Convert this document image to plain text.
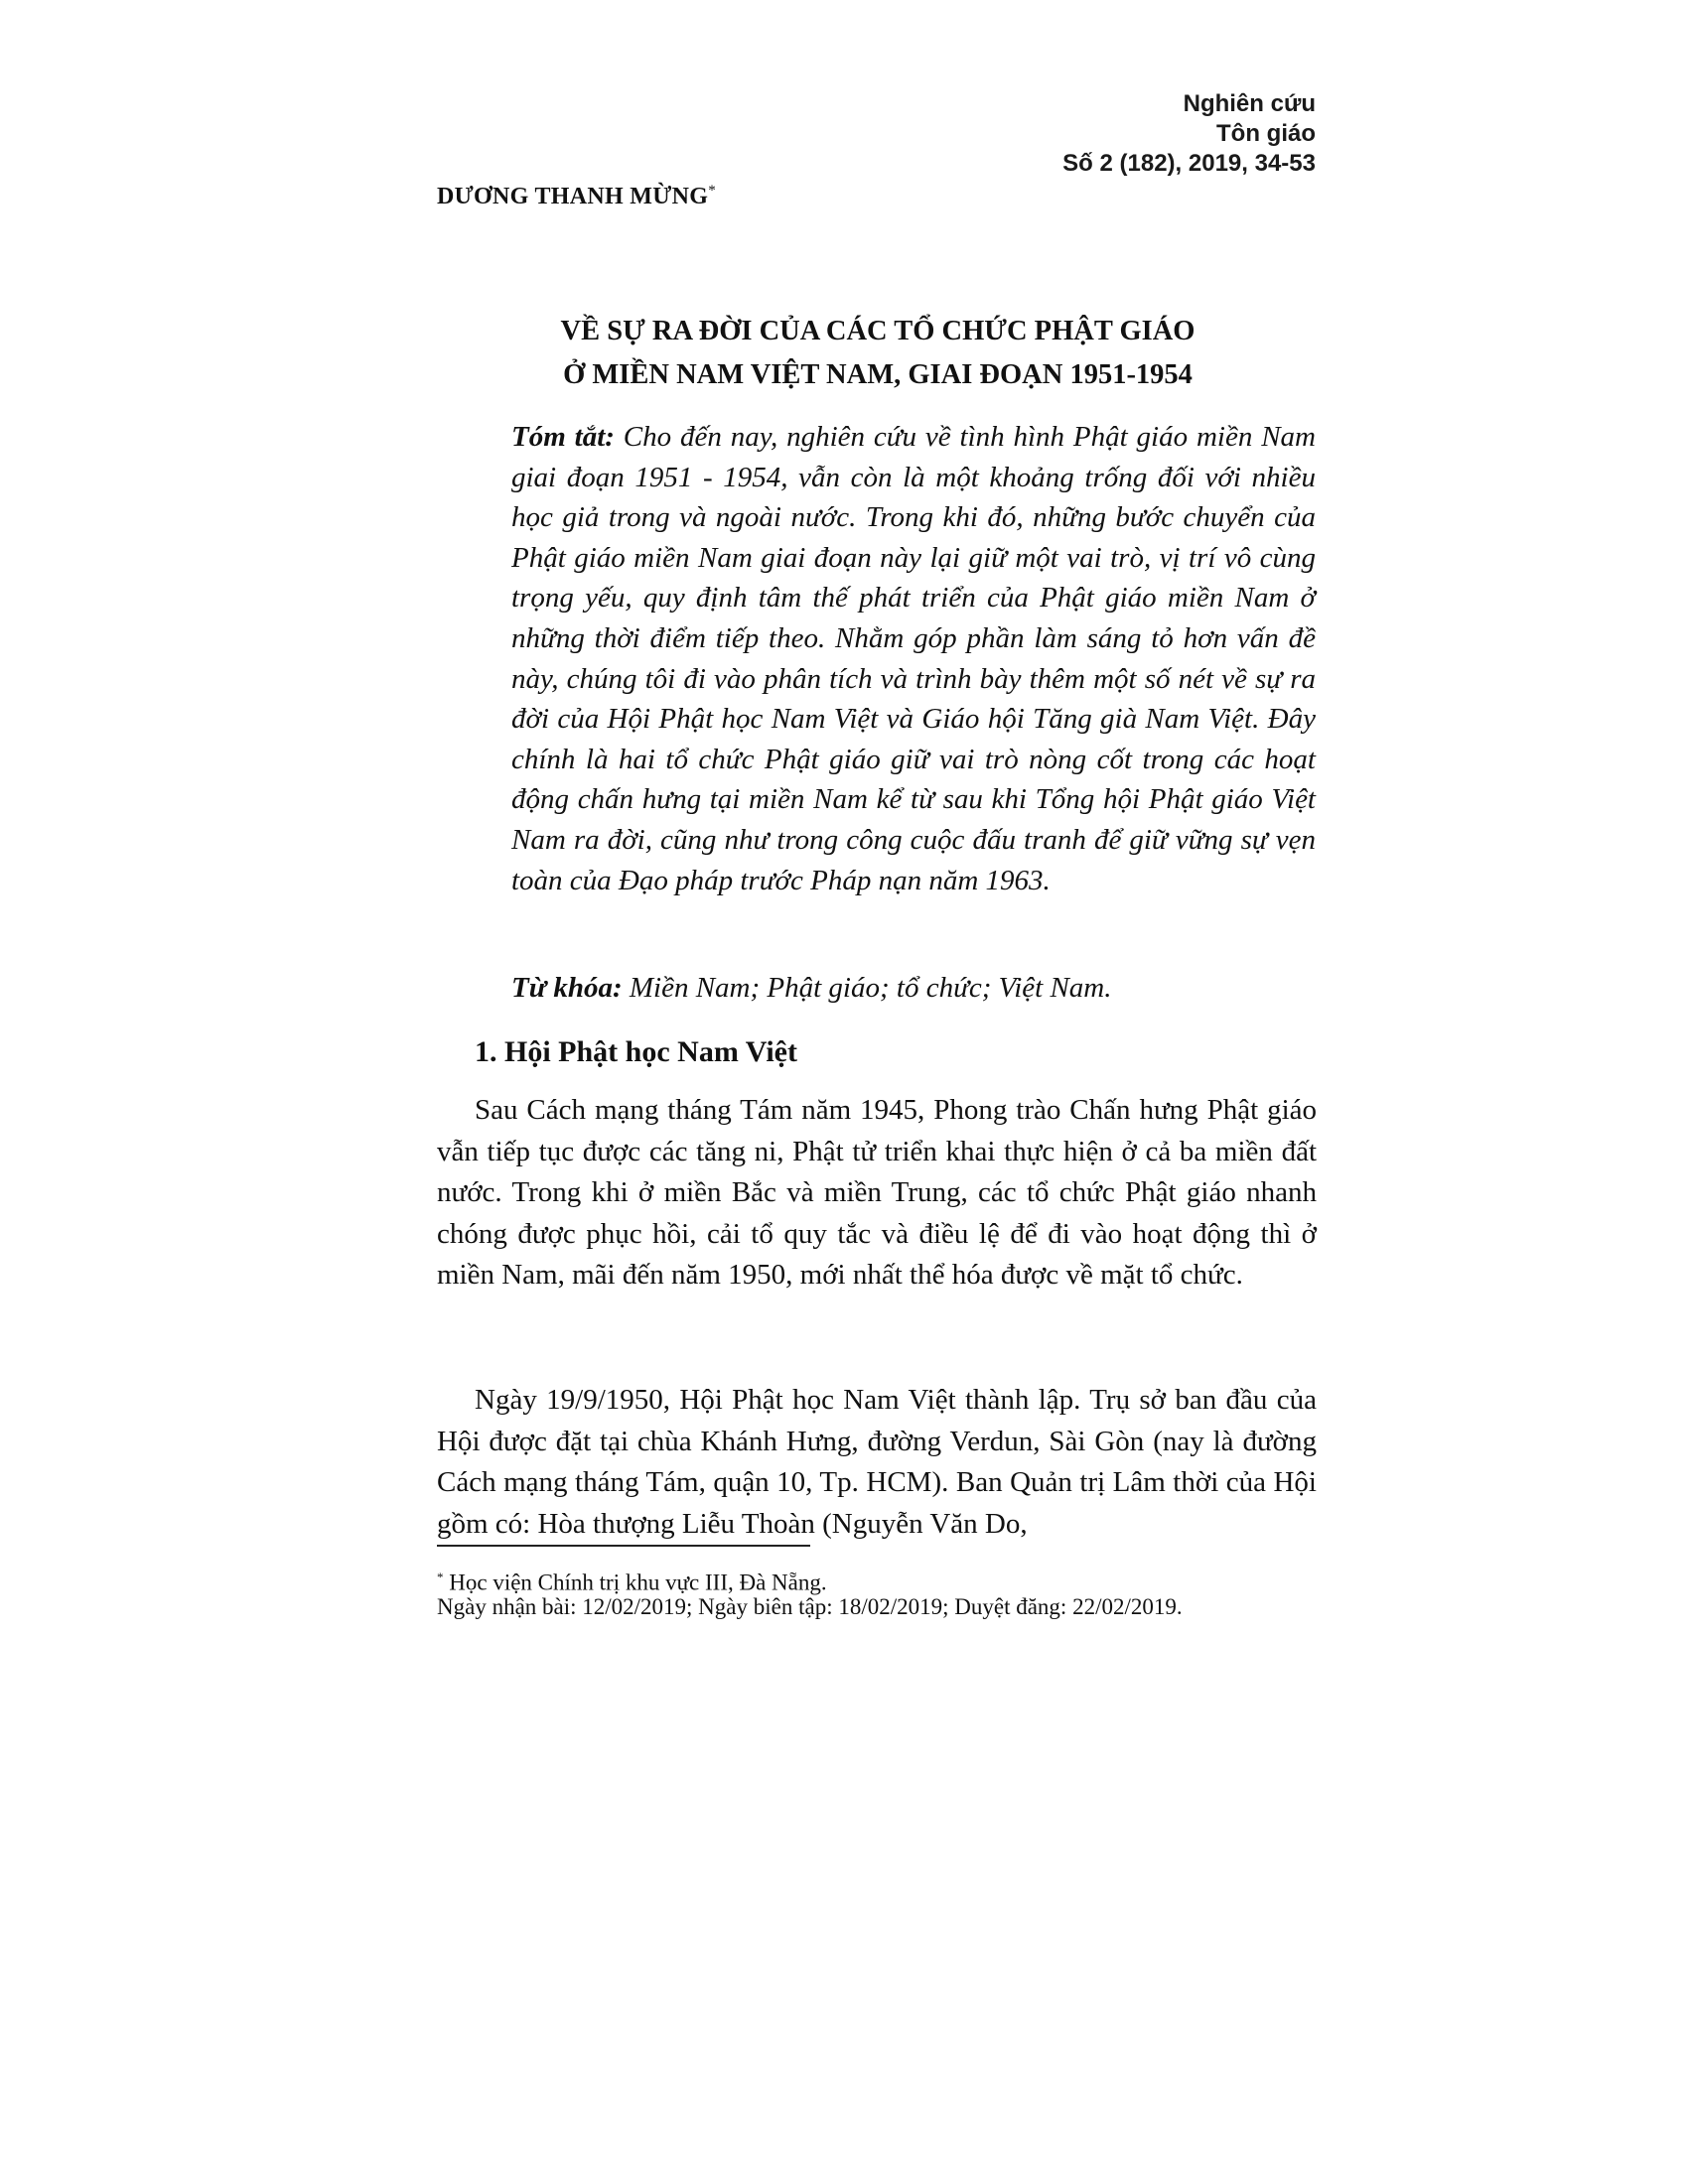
Nghiên cứu
Tôn giáo
Số 2 (182), 2019, 34-53
DƯƠNG THANH MỪNG*
VỀ SỰ RA ĐỜI CỦA CÁC TỔ CHỨC PHẬT GIÁO
Ở MIỀN NAM VIỆT NAM, GIAI ĐOẠN 1951-1954

Tóm tắt: Cho đến nay, nghiên cứu về tình hình Phật giáo miền Nam giai đoạn 1951 - 1954, vẫn còn là một khoảng trống đối với nhiều học giả trong và ngoài nước. Trong khi đó, những bước chuyển của Phật giáo miền Nam giai đoạn này lại giữ một vai trò, vị trí vô cùng trọng yếu, quy định tâm thế phát triển của Phật giáo miền Nam ở những thời điểm tiếp theo. Nhằm góp phần làm sáng tỏ hơn vấn đề này, chúng tôi đi vào phân tích và trình bày thêm một số nét về sự ra đời của Hội Phật học Nam Việt và Giáo hội Tăng già Nam Việt. Đây chính là hai tổ chức Phật giáo giữ vai trò nòng cốt trong các hoạt động chấn hưng tại miền Nam kể từ sau khi Tổng hội Phật giáo Việt Nam ra đời, cũng như trong công cuộc đấu tranh để giữ vững sự vẹn toàn của Đạo pháp trước Pháp nạn năm 1963.

Từ khóa: Miền Nam; Phật giáo; tổ chức; Việt Nam.

1. Hội Phật học Nam Việt

Sau Cách mạng tháng Tám năm 1945, Phong trào Chấn hưng Phật giáo vẫn tiếp tục được các tăng ni, Phật tử triển khai thực hiện ở cả ba miền đất nước. Trong khi ở miền Bắc và miền Trung, các tổ chức Phật giáo nhanh chóng được phục hồi, cải tổ quy tắc và điều lệ để đi vào hoạt động thì ở miền Nam, mãi đến năm 1950, mới nhất thể hóa được về mặt tổ chức.

Ngày 19/9/1950, Hội Phật học Nam Việt thành lập. Trụ sở ban đầu của Hội được đặt tại chùa Khánh Hưng, đường Verdun, Sài Gòn (nay là đường Cách mạng tháng Tám, quận 10, Tp. HCM). Ban Quản trị Lâm thời của Hội gồm có: Hòa thượng Liễu Thoàn (Nguyễn Văn Do,

* Học viện Chính trị khu vực III, Đà Nẵng.
Ngày nhận bài: 12/02/2019; Ngày biên tập: 18/02/2019; Duyệt đăng: 22/02/2019.
